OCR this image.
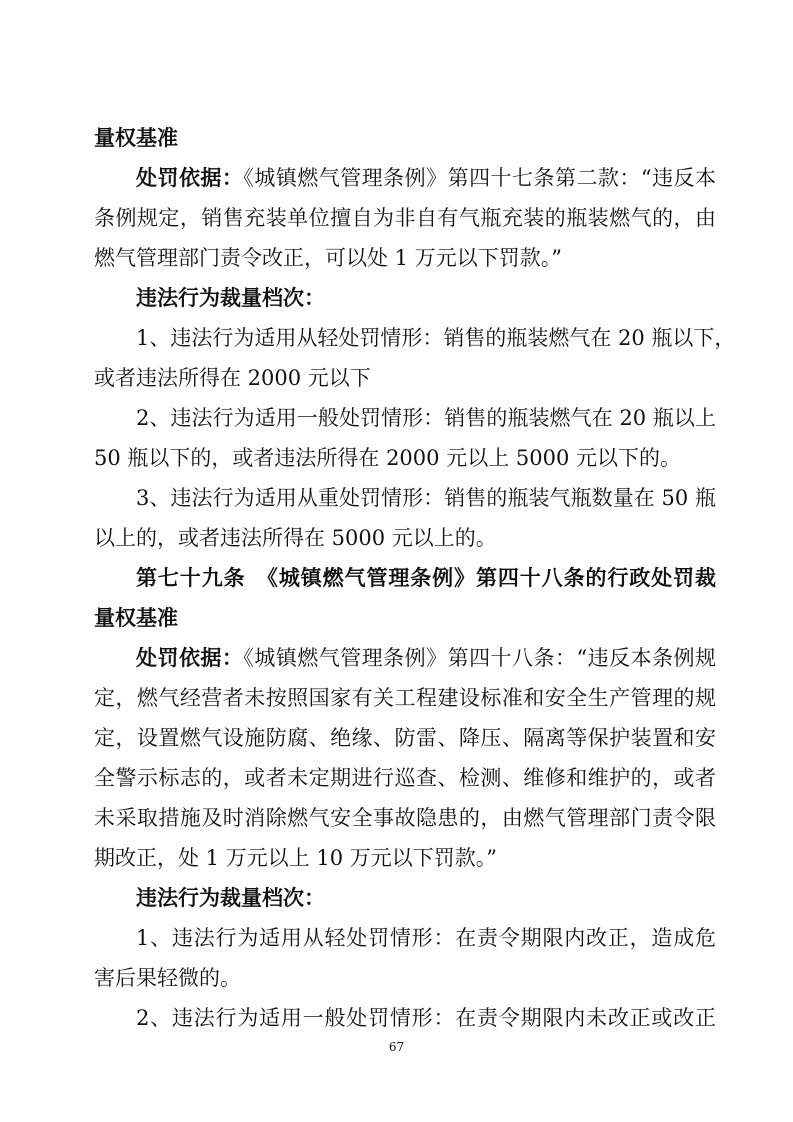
量权基准
处罚依据：《城镇燃气管理条例》第四十七条第二款：“违反本
条例规定，销售充装单位擅自为非自有气瓶充装的瓶装燃气的，由
燃气管理部门责令改正，可以处 1 万元以下罚款。”
违法行为裁量档次：
1、违法行为适用从轻处罚情形：销售的瓶装燃气在 20 瓶以下，
或者违法所得在 2000 元以下
2、违法行为适用一般处罚情形：销售的瓶装燃气在 20 瓶以上
50 瓶以下的，或者违法所得在 2000 元以上 5000 元以下的。
3、违法行为适用从重处罚情形：销售的瓶装气瓶数量在 50 瓶
以上的，或者违法所得在 5000 元以上的。
第七十九条　《城镇燃气管理条例》第四十八条的行政处罚裁
量权基准
处罚依据：《城镇燃气管理条例》第四十八条：“违反本条例规
定，燃气经营者未按照国家有关工程建设标准和安全生产管理的规
定，设置燃气设施防腐、绝缘、防雷、降压、隔离等保护装置和安
全警示标志的，或者未定期进行巡查、检测、维修和维护的，或者
未采取措施及时消除燃气安全事故隐患的，由燃气管理部门责令限
期改正，处 1 万元以上 10 万元以下罚款。”
违法行为裁量档次：
1、违法行为适用从轻处罚情形：在责令期限内改正，造成危
害后果轻微的。
2、违法行为适用一般处罚情形：在责令期限内未改正或改正
67
